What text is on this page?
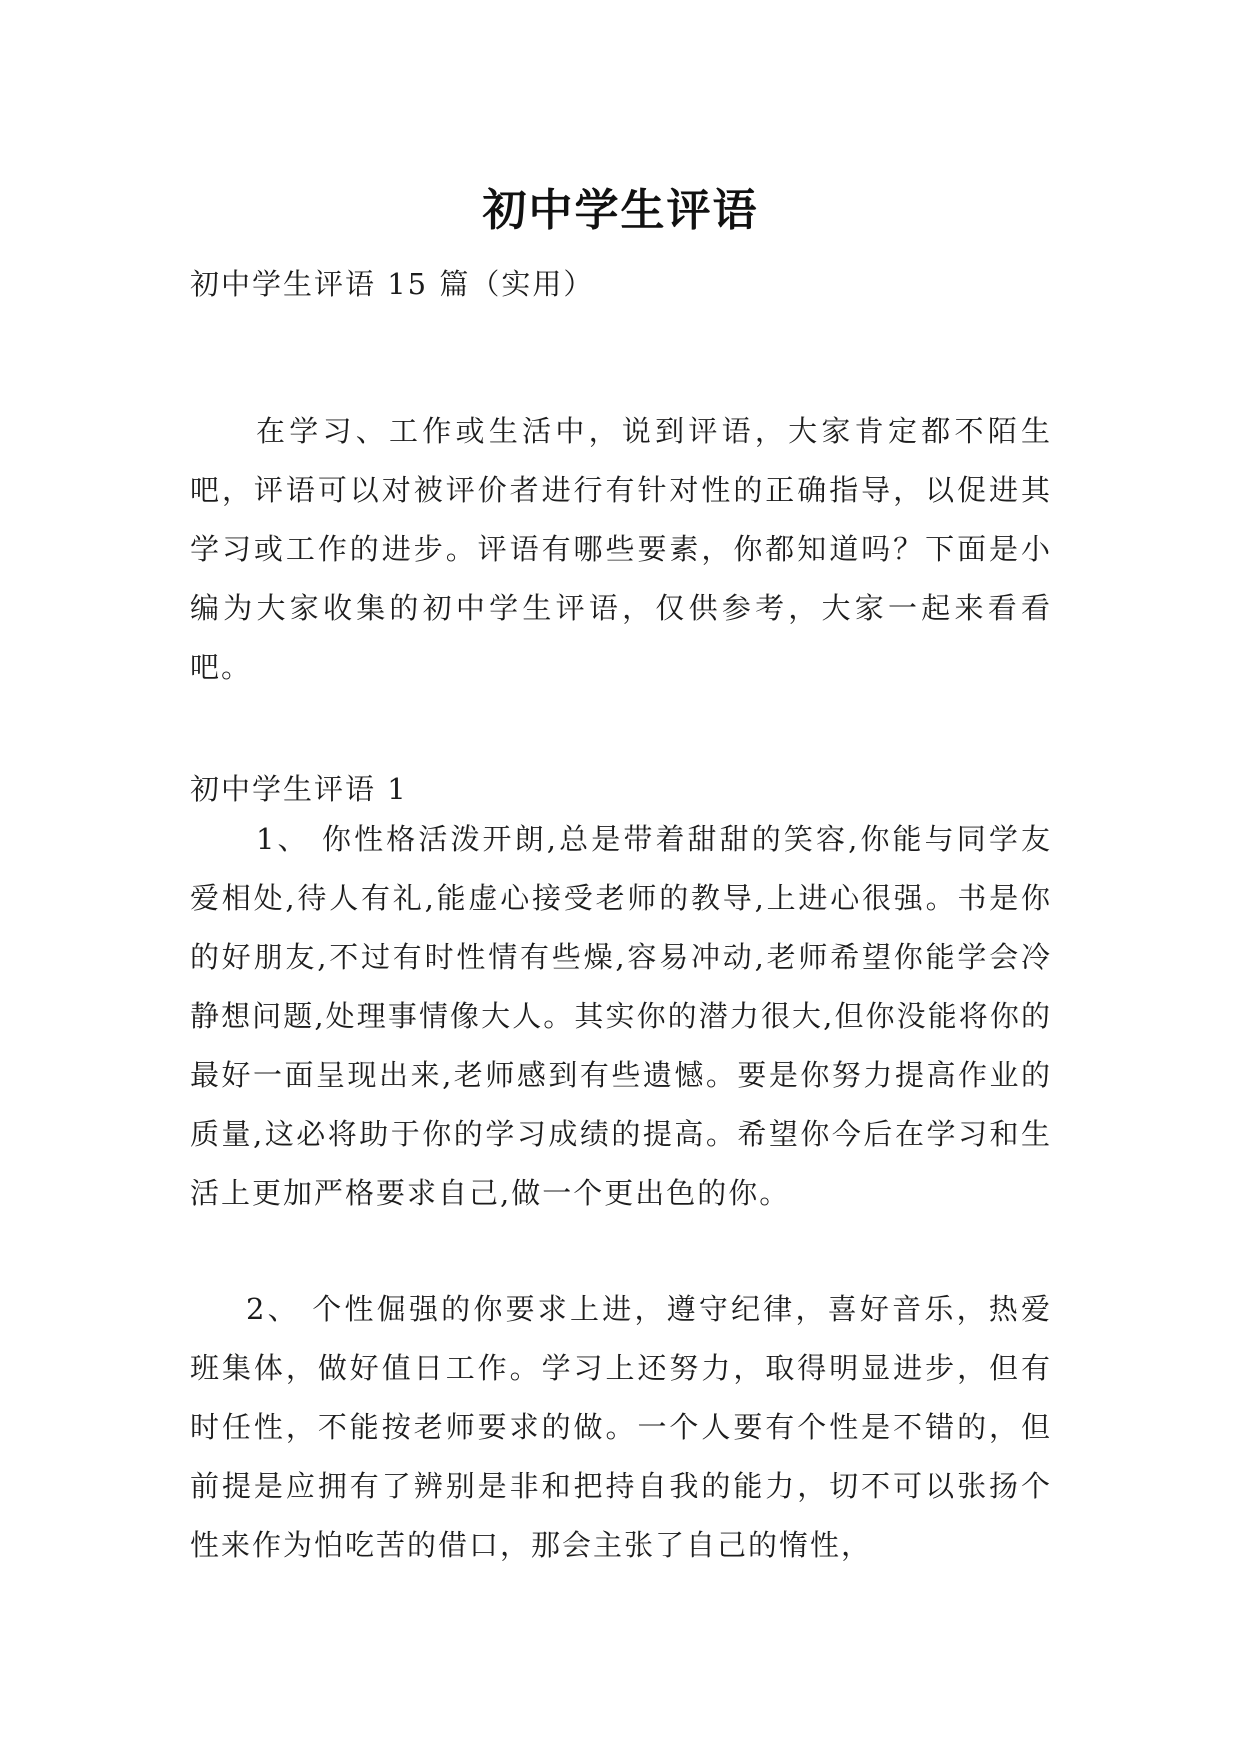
初中学生评语

初中学生评语 15 篇（实用）

在学习、工作或生活中，说到评语，大家肯定都不陌生吧，评语可以对被评价者进行有针对性的正确指导，以促进其学习或工作的进步。评语有哪些要素，你都知道吗？下面是小编为大家收集的初中学生评语，仅供参考，大家一起来看看吧。

初中学生评语 1

1、 你性格活泼开朗,总是带着甜甜的笑容,你能与同学友爱相处,待人有礼,能虚心接受老师的教导,上进心很强。书是你的好朋友,不过有时性情有些燥,容易冲动,老师希望你能学会冷静想问题,处理事情像大人。其实你的潜力很大,但你没能将你的最好一面呈现出来,老师感到有些遗憾。要是你努力提高作业的质量,这必将助于你的学习成绩的提高。希望你今后在学习和生活上更加严格要求自己,做一个更出色的你。

2、 个性倔强的你要求上进，遵守纪律，喜好音乐，热爱班集体，做好值日工作。学习上还努力，取得明显进步，但有时任性，不能按老师要求的做。一个人要有个性是不错的，但前提是应拥有了辨别是非和把持自我的能力，切不可以张扬个性来作为怕吃苦的借口，那会主张了自己的惰性，
